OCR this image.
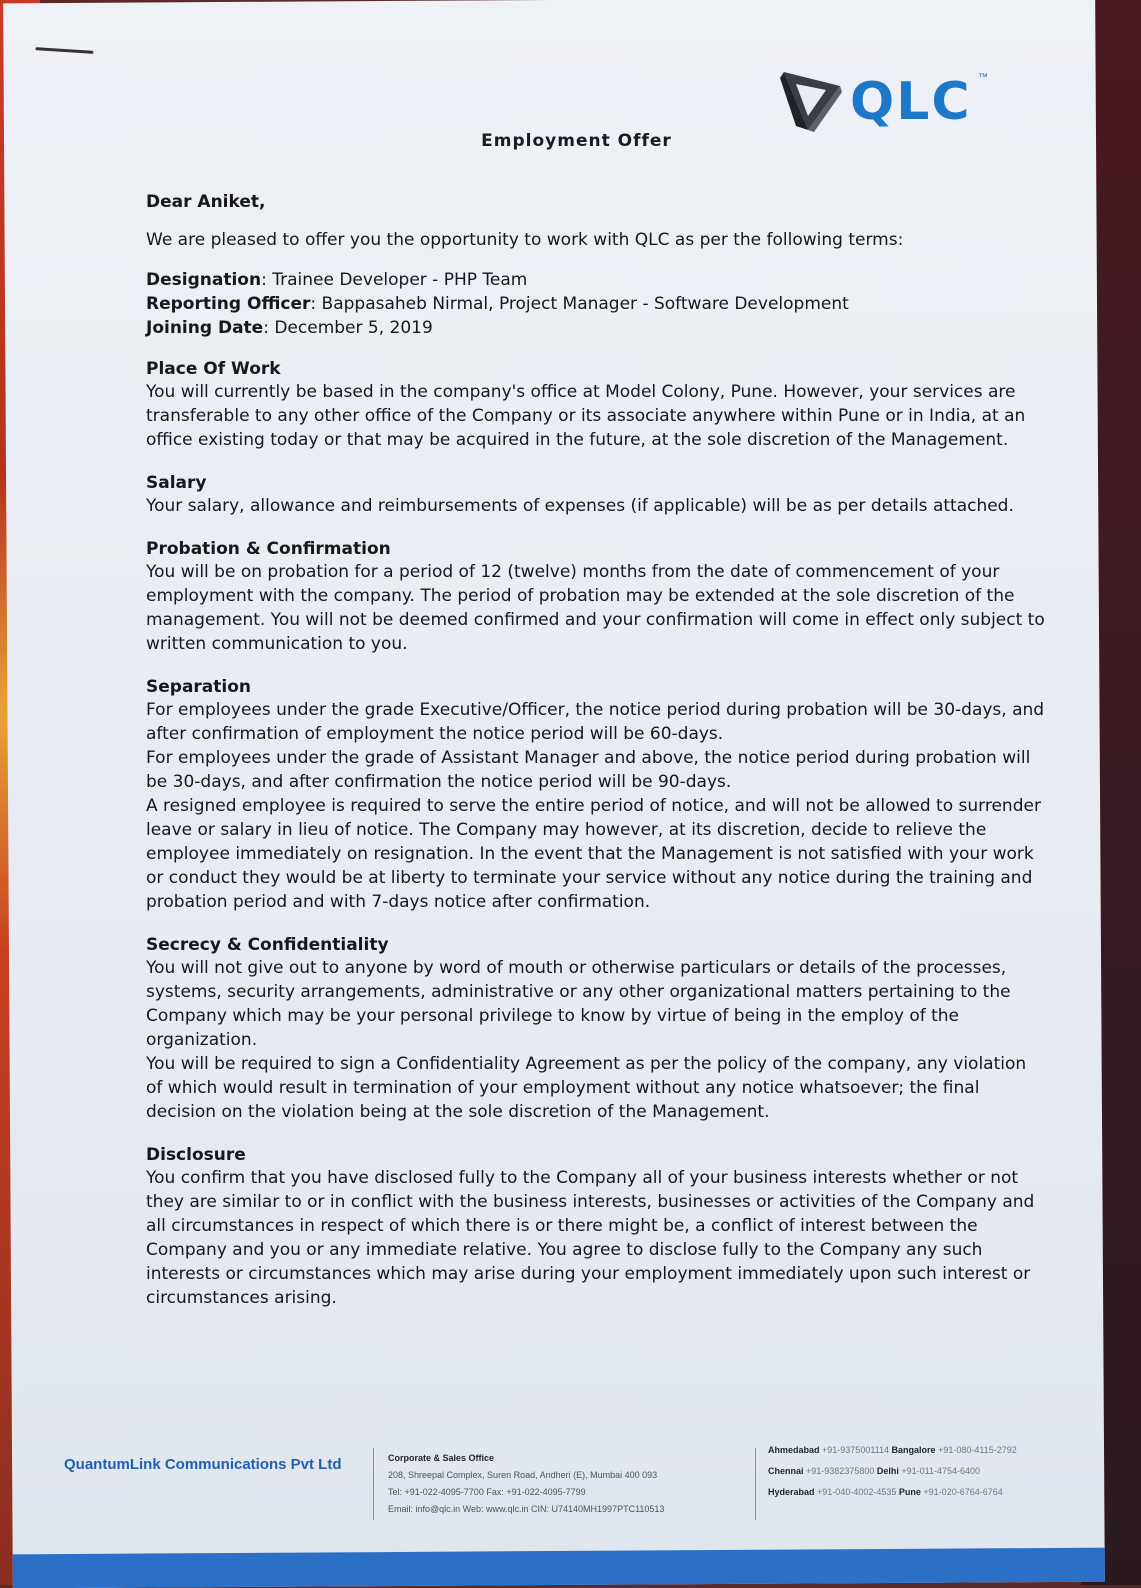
QLC ™
Employment Offer

Dear Aniket,

We are pleased to offer you the opportunity to work with QLC as per the following terms:

Designation: Trainee Developer - PHP Team
Reporting Officer: Bappasaheb Nirmal, Project Manager - Software Development
Joining Date: December 5, 2019
Place Of Work

You will currently be based in the company's office at Model Colony, Pune. However, your services are transferable to any other office of the Company or its associate anywhere within Pune or in India, at an office existing today or that may be acquired in the future, at the sole discretion of the Management.

Salary

Your salary, allowance and reimbursements of expenses (if applicable) will be as per details attached.

Probation & Confirmation

You will be on probation for a period of 12 (twelve) months from the date of commencement of your employment with the company. The period of probation may be extended at the sole discretion of the management. You will not be deemed confirmed and your confirmation will come in effect only subject to written communication to you.

Separation

For employees under the grade Executive/Officer, the notice period during probation will be 30-days, and after confirmation of employment the notice period will be 60-days.

For employees under the grade of Assistant Manager and above, the notice period during probation will be 30-days, and after confirmation the notice period will be 90-days.

A resigned employee is required to serve the entire period of notice, and will not be allowed to surrender leave or salary in lieu of notice. The Company may however, at its discretion, decide to relieve the employee immediately on resignation. In the event that the Management is not satisfied with your work or conduct they would be at liberty to terminate your service without any notice during the training and probation period and with 7-days notice after confirmation.

Secrecy & Confidentiality

You will not give out to anyone by word of mouth or otherwise particulars or details of the processes, systems, security arrangements, administrative or any other organizational matters pertaining to the Company which may be your personal privilege to know by virtue of being in the employ of the organization.

You will be required to sign a Confidentiality Agreement as per the policy of the company, any violation of which would result in termination of your employment without any notice whatsoever; the final decision on the violation being at the sole discretion of the Management.

Disclosure

You confirm that you have disclosed fully to the Company all of your business interests whether or not they are similar to or in conflict with the business interests, businesses or activities of the Company and all circumstances in respect of which there is or there might be, a conflict of interest between the Company and you or any immediate relative. You agree to disclose fully to the Company any such interests or circumstances which may arise during your employment immediately upon such interest or circumstances arising.

QuantumLink Communications Pvt Ltd	Corporate & Sales Office
208, Shreepal Complex, Suren Road, Andheri (E), Mumbai 400 093
Tel: +91-022-4095-7700 Fax: +91-022-4095-7799
Email: info@qlc.in Web: www.qlc.in CIN: U74140MH1997PTC110513
Ahmedabad +91-9375001114 Bangalore +91-080-4115-2792
Chennai +91-9382375800 Delhi +91-011-4754-6400
Hyderabad +91-040-4002-4535 Pune +91-020-6764-6764
